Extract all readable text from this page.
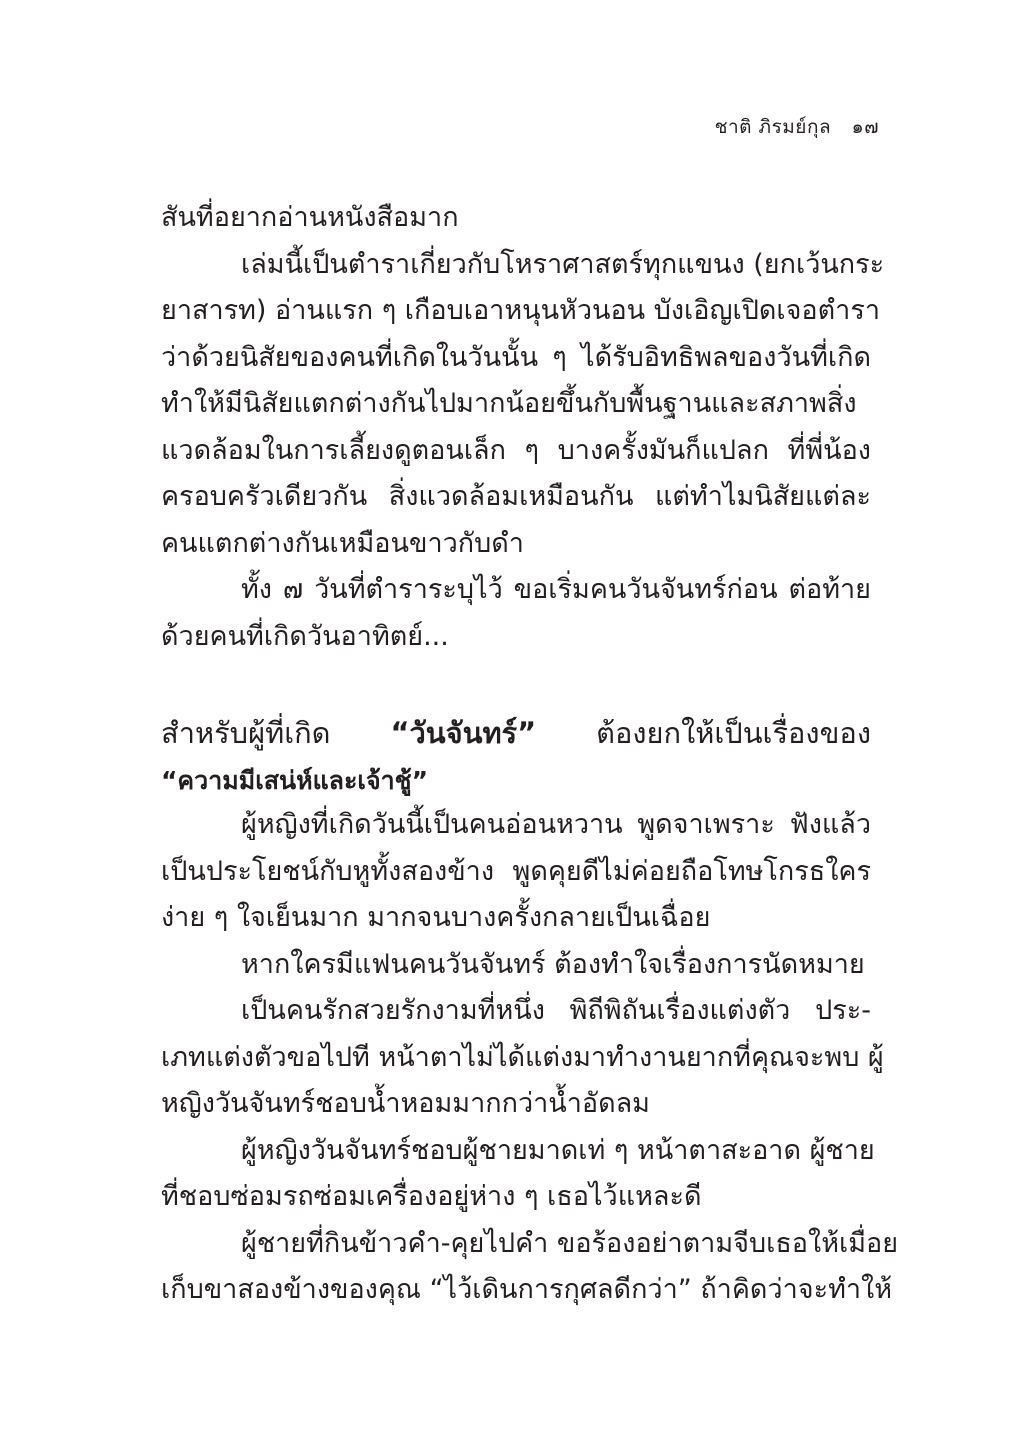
ชาติ ภิรมย์กุล ๑๗
สันที่อยากอ่านหนังสือมาก
เล่มนี้เป็นตำราเกี่ยวกับโหราศาสตร์ทุกแขนง (ยกเว้นกระ
ยาสารท) อ่านแรก ๆ เกือบเอาหนุนหัวนอน บังเอิญเปิดเจอตำรา
ว่าด้วยนิสัยของคนที่เกิดในวันนั้น ๆ ได้รับอิทธิพลของวันที่เกิด
ทำให้มีนิสัยแตกต่างกันไปมากน้อยขึ้นกับพื้นฐานและสภาพสิ่ง
แวดล้อมในการเลี้ยงดูตอนเล็ก ๆ บางครั้งมันก็แปลก ที่พี่น้อง
ครอบครัวเดียวกัน สิ่งแวดล้อมเหมือนกัน แต่ทำไมนิสัยแต่ละ
คนแตกต่างกันเหมือนขาวกับดำ
ทั้ง ๗ วันที่ตำราระบุไว้ ขอเริ่มคนวันจันทร์ก่อน ต่อท้าย
ด้วยคนที่เกิดวันอาทิตย์...
สำหรับผู้ที่เกิด “วันจันทร์” ต้องยกให้เป็นเรื่องของ
“ความมีเสน่ห์และเจ้าชู้”
ผู้หญิงที่เกิดวันนี้เป็นคนอ่อนหวาน พูดจาเพราะ ฟังแล้ว
เป็นประโยชน์กับหูทั้งสองข้าง พูดคุยดีไม่ค่อยถือโทษโกรธใคร
ง่าย ๆ ใจเย็นมาก มากจนบางครั้งกลายเป็นเฉื่อย
หากใครมีแฟนคนวันจันทร์ ต้องทำใจเรื่องการนัดหมาย
เป็นคนรักสวยรักงามที่หนึ่ง พิถีพิถันเรื่องแต่งตัว ประ-
เภทแต่งตัวขอไปที หน้าตาไม่ได้แต่งมาทำงานยากที่คุณจะพบ ผู้
หญิงวันจันทร์ชอบน้ำหอมมากกว่าน้ำอัดลม
ผู้หญิงวันจันทร์ชอบผู้ชายมาดเท่ ๆ หน้าตาสะอาด ผู้ชาย
ที่ชอบซ่อมรถซ่อมเครื่องอยู่ห่าง ๆ เธอไว้แหละดี
ผู้ชายที่กินข้าวคำ-คุยไปคำ ขอร้องอย่าตามจีบเธอให้เมื่อย
เก็บขาสองข้างของคุณ “ไว้เดินการกุศลดีกว่า” ถ้าคิดว่าจะทำให้
